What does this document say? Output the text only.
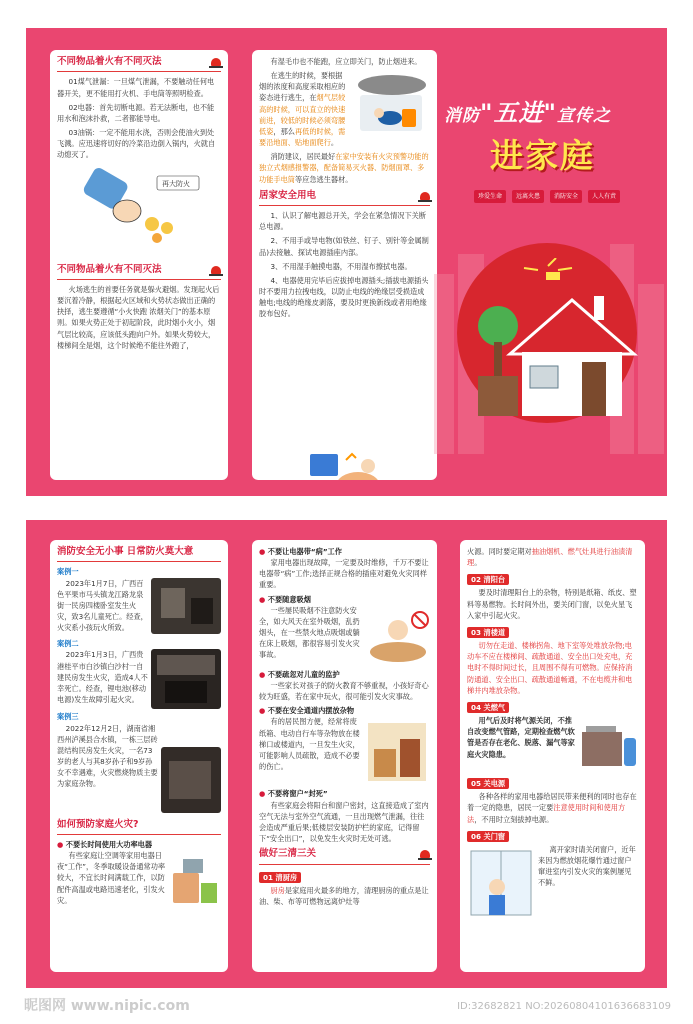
不同物品着火有不同灭法
01煤气泄漏：一旦煤气泄漏，不要触动任何电器开关，更不能用打火机、手电筒等照明检查。
02电器：首先切断电源。若无法断电，也不能用水和泡沫扑救，二者都能导电。
03油锅：一定不能用水浇，否则会使油火到处飞溅。应迅速将切好的冷菜沿边倒入锅内，火就自动熄灭了。
再大防火
不同物品着火有不同灭法
火场逃生的首要任务就是躲火避烟。发现起火后要沉着冷静，根据起火区域和火势状态做出正确的抉择，逃生要遵循“小火快跑 浓烟关门”的基本原则。如果火势正处于初起阶段，此时烟小火小，烟气层比较高，应该低头跑向户外。如果火势较大，楼梯间全是烟，这个时候绝不能往外跑了，
有湿毛巾也不能跑，应立即关门，防止烟进来。
在逃生的时候，要根据烟的浓度和高度采取相应的姿态进行逃生，在烟气层较高的时候，可以直立的快速前进，较低的时候必须弯腰低姿，那么再低的时候，需要沿地面、贴地面爬行。
消防建议，居民最好在家中安装有火灾预警功能的独立式烟感报警器，配备简易灭火器、防烟面罩、多功能手电筒等应急逃生器材。
居家安全用电
1、认识了解电源总开关，学会在紧急情况下关断总电源。
2、不用手或导电物(如铁丝、钉子、别针等金属制品)去接触、探试电源插座内部。
3、不用湿手触摸电器，不用湿布擦拭电器。
4、电器使用完毕后应拔掉电源插头;插拔电源插头时不要用力拉拽电线，以防止电线的绝缘层受损造成触电;电线的绝缘皮剥落，要及时更换新线或者用绝缘胶布包好。
消防"五进"宣传之
进家庭
珍爱生命	远离火患	消防安全	人人有责
消防安全无小事 日常防火莫大意
案例一
2023年1月7日，广西百色平果市马头镇龙江路龙泉街一民房四楼卧室发生火灾，致3名儿童死亡。经查，火灾系小孩玩火所致。
案例二
2023年1月3日，广西贵港桂平市白沙镇白沙村一自建民房发生火灾，造成4人不幸死亡。经查，锂电池(移动电源)发生故障引起火灾。
案例三
2022年12月2日，湖南省湘西州泸溪县合水镇，一栋三层砖混结构民房发生火灾，一名73岁的老人与其8岁孙子和9岁孙女不幸遇难，火灾燃烧物质主要为家庭杂物。
如何预防家庭火灾?
● 不要长时间使用大功率电器
有些家庭让空调等家用电器日夜“工作”，冬季取暖设备通常功率较大，不宜长时间满载工作，以防配件高温或电路迅速老化，引发火灾。
● 不要让电器带“病”工作
家用电器出现故障，一定要及时维修，千万不要让电器带“病”工作;选择正规合格的插座对避免火灾同样重要。
● 不要随意吸烟
一些屡民吸烟不注意防火安全，如大风天在室外吸烟，乱扔烟头，在一些禁火地点吸烟或躺在床上吸烟，都很容易引发火灾事故。
● 不要疏忽对儿童的监护
一些家长对孩子的防火教育不够重视，小孩好奇心较为旺盛，若在家中玩火，很可能引发火灾事故。
● 不要在安全通道内摆放杂物
有的居民图方便，经常将废纸箱、电动自行车等杂物放在楼梯口或楼道内，一旦发生火灾，可能影响人员疏散，造成不必要的伤亡。
● 不要将窗户“封死”
有些家庭会将阳台和窗户密封，这直接造成了室内空气无法与室外空气流通，一旦出现燃气泄漏，往往会造成严重后果;低楼层安装防护栏的家庭，记得留下“安全出口”，以免发生火灾时无处可逃。
做好三清三关
01 清厨房
厨房是家庭用火最多的地方，清理厨房的重点是让油、柴、布等可燃物远离炉灶等
火源。同时要定期对抽油烟机、燃气灶具进行油渍清理。
02 清阳台
要及时清理阳台上的杂物，特别是纸箱、纸皮、塑料等易燃物。长时间外出，要关闭门窗，以免火星飞入家中引起火灾。
03 清楼道
切勿在走道、楼梯拐角、地下室等处堆放杂物;电动车不应在楼梯间、疏散通道、安全出口处充电，充电时不得时间过长，且周围不得有可燃物。应保持消防通道、安全出口、疏散通道畅通，不在电缆井和电梯井内堆放杂物。
04 关燃气
用气后及时将气源关闭，不推自改变燃气管路，定期检查燃气软管是否存在老化、脱落、漏气等家庭火灾隐患。
05 关电源
各种各样的家用电器给居民带来便利的同时也存在着一定的隐患，居民一定要注意使用时间和使用方法，不用时立刻拔掉电源。
06 关门窗
离开家时请关闭窗户，近年来因为燃放烟花爆竹通过窗户窜进室内引发火灾的案例屡见不鲜。
昵图网 www.nipic.com	ID:32682821 NO:20260804101636683109
